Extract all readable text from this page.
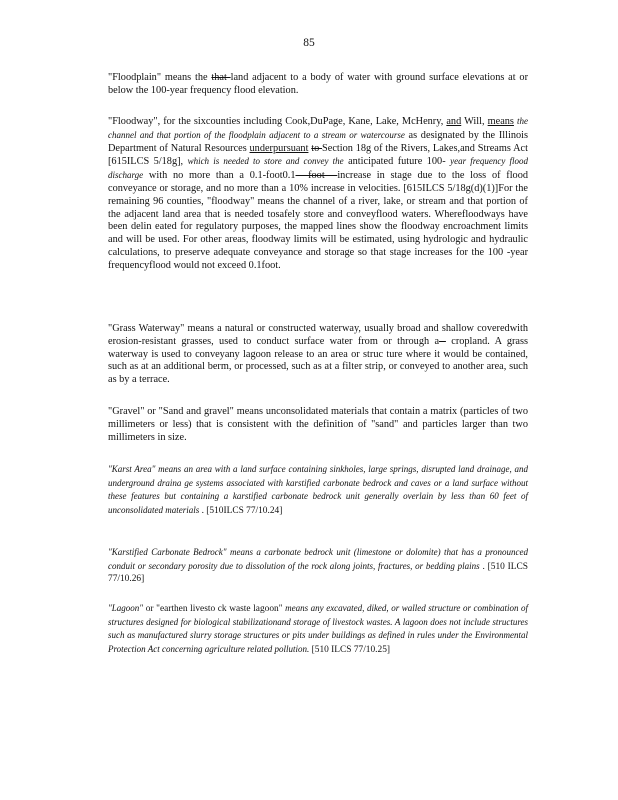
85

"Floodplain" means the that land adjacent to a body of water with ground surface elevations at or below the 100-year frequency flood elevation.

"Floodway", for the sixcounties including Cook,DuPage, Kane, Lake, McHenry, and Will, means the channel and that portion of the floodplain adjacent to a stream or watercourse as designated by the Illinois Department of Natural Resources underpursuant to Section 18g of the Rivers, Lakes,and Streams Act [615ILCS 5/18g], which is needed to store and convey the anticipated future 100- year frequency flood discharge with no more than a 0.1-foot0.1-- foot --increase in stage due to the loss of flood conveyance or storage, and no more than a 10% increase in velocities. [615ILCS 5/18g(d)(1)]For the remaining 96 counties, "floodway" means the channel of a river, lake, or stream and that portion of the adjacent land area that is needed tosafely store and conveyflood waters. Wherefloodways have been delin eated for regulatory purposes, the mapped lines show the floodway encroachment limits and will be used. For other areas, floodway limits will be estimated, using hydrologic and hydraulic calculations, to preserve adequate conveyance and storage so that stage increases for the 100 -year frequencyflood would not exceed 0.1foot.

"Grass Waterway" means a natural or constructed waterway, usually broad and shallow coveredwith erosion-resistant grasses, used to conduct surface water from or through a-- cropland. A grass waterway is used to conveyany lagoon release to an area or struc ture where it would be contained, such as at an additional berm, or processed, such as at a filter strip, or conveyed to another area, such as by a terrace.

"Gravel" or "Sand and gravel" means unconsolidated materials that contain a matrix (particles of two millimeters or less) that is consistent with the definition of "sand" and particles larger than two millimeters in size.

"Karst Area" means an area with a land surface containing sinkholes, large springs, disrupted land drainage, and underground draina ge systems associated with karstified carbonate bedrock and caves or a land surface without these features but containing a karstified carbonate bedrock unit generally overlain by less than 60 feet of unconsolidated materials . [510ILCS 77/10.24]

"Karstified Carbonate Bedrock" means a carbonate bedrock unit (limestone or dolomite) that has a pronounced conduit or secondary porosity due to dissolution of the rock along joints, fractures, or bedding plains . [510 ILCS 77/10.26]

"Lagoon" or "earthen livesto ck waste lagoon" means any excavated, diked, or walled structure or combination of structures designed for biological stabilizationand storage of livestock wastes. A lagoon does not include structures such as manufactured slurry storage structures or pits under buildings as defined in rules under the Environmental Protection Act concerning agriculture related pollution. [510 ILCS 77/10.25]
